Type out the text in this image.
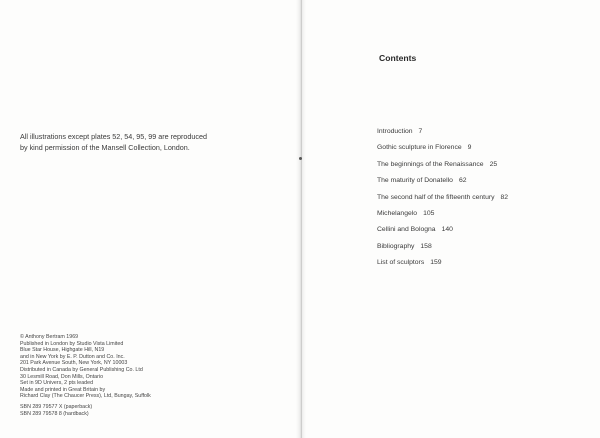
All illustrations except plates 52, 54, 95, 99 are reproduced
by kind permission of the Mansell Collection, London.
© Anthony Bertram 1969
Published in London by Studio Vista Limited
Blue Star House, Highgate Hill, N19
and in New York by E. P. Dutton and Co. Inc.
201 Park Avenue South, New York, NY 10003
Distributed in Canada by General Publishing Co. Ltd
30 Lesmill Road, Don Mills, Ontario
Set in 9D Univers, 2 pts leaded
Made and printed in Great Britain by
Richard Clay (The Chaucer Press), Ltd, Bungay, Suffolk
SBN 289 79577 X (paperback)
SBN 289 79578 8 (hardback)
Contents
Introduction 7
Gothic sculpture in Florence 9
The beginnings of the Renaissance 25
The maturity of Donatello 62
The second half of the fifteenth century 82
Michelangelo 105
Cellini and Bologna 140
Bibliography 158
List of sculptors 159
